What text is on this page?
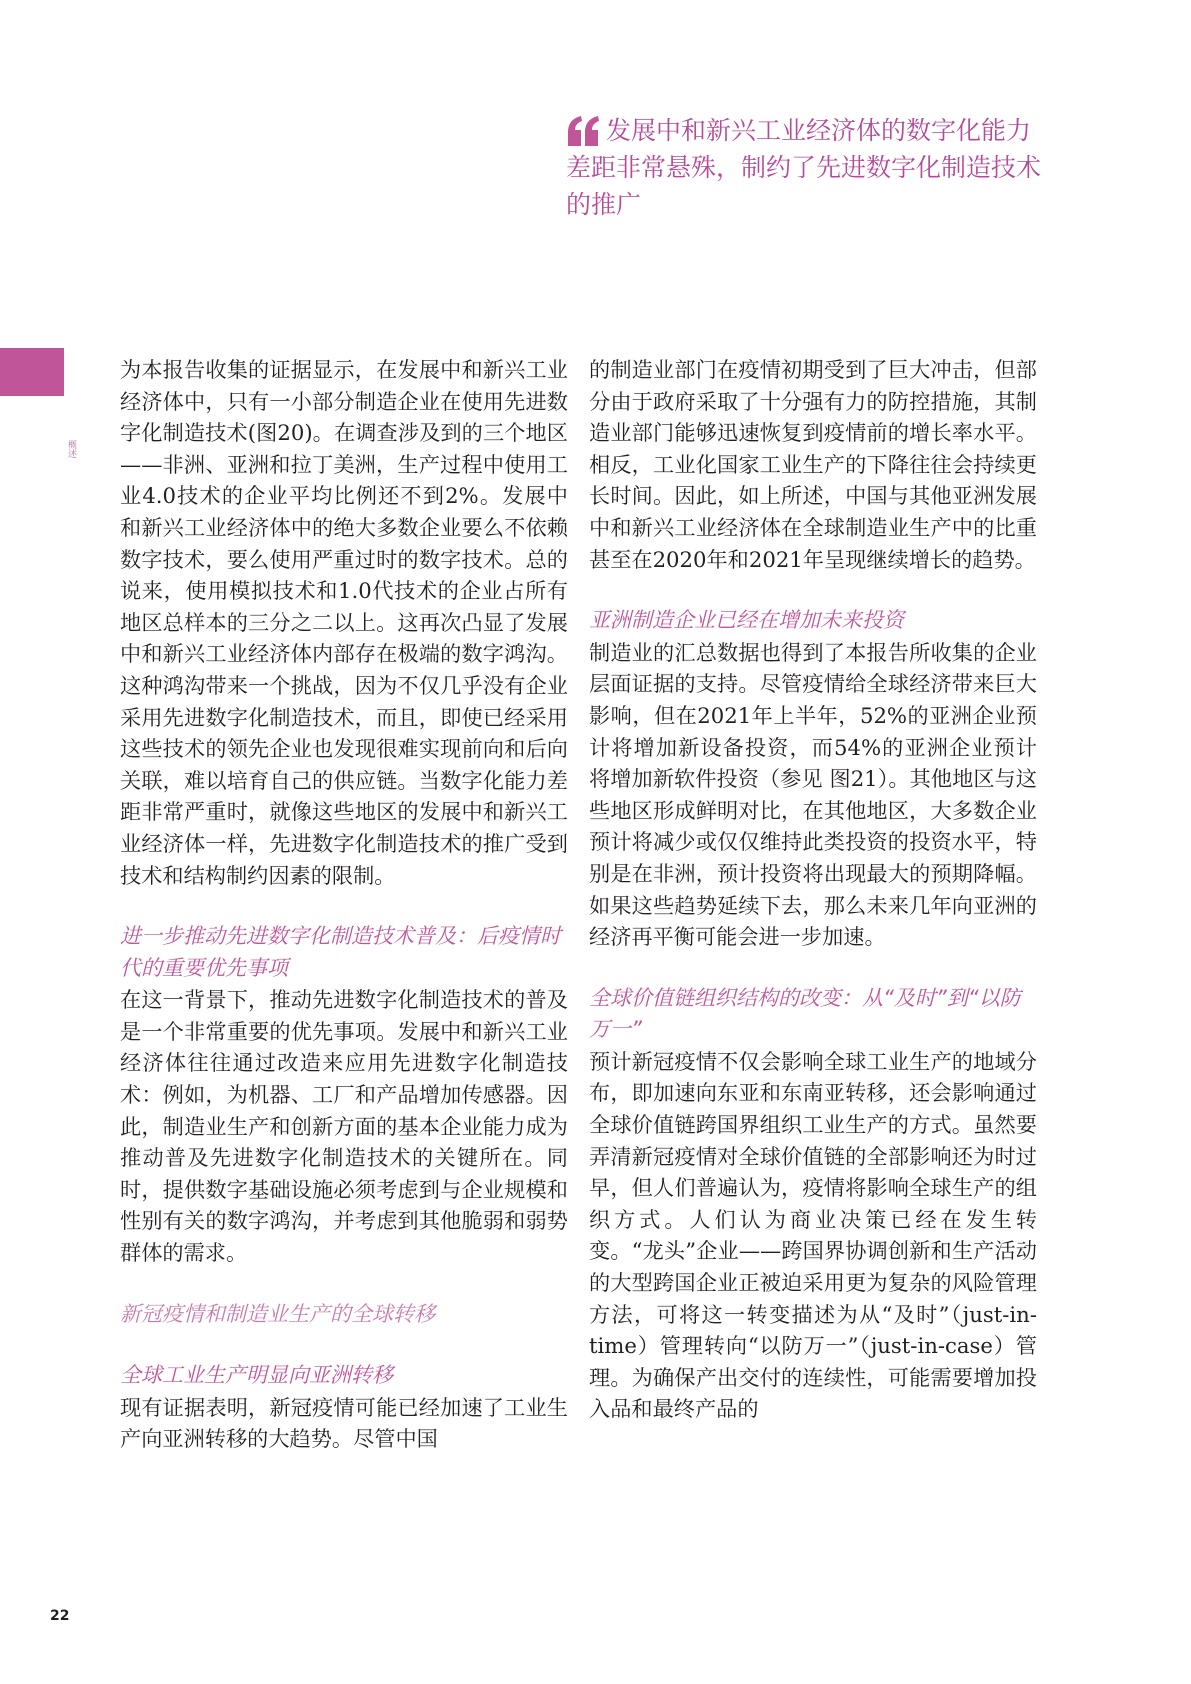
概述

发展中和新兴工业经济体的数字化能力差距非常悬殊，制约了先进数字化制造技术的推广

为本报告收集的证据显示，在发展中和新兴工业经济体中，只有一小部分制造企业在使用先进数字化制造技术(图20)。在调查涉及到的三个地区——非洲、亚洲和拉丁美洲，生产过程中使用工业4.0技术的企业平均比例还不到2%。发展中和新兴工业经济体中的绝大多数企业要么不依赖数字技术，要么使用严重过时的数字技术。总的说来，使用模拟技术和1.0代技术的企业占所有地区总样本的三分之二以上。这再次凸显了发展中和新兴工业经济体内部存在极端的数字鸿沟。这种鸿沟带来一个挑战，因为不仅几乎没有企业采用先进数字化制造技术，而且，即使已经采用这些技术的领先企业也发现很难实现前向和后向关联，难以培育自己的供应链。当数字化能力差距非常严重时，就像这些地区的发展中和新兴工业经济体一样，先进数字化制造技术的推广受到技术和结构制约因素的限制。

进一步推动先进数字化制造技术普及：后疫情时代的重要优先事项

在这一背景下，推动先进数字化制造技术的普及是一个非常重要的优先事项。发展中和新兴工业经济体往往通过改造来应用先进数字化制造技术：例如，为机器、工厂和产品增加传感器。因此，制造业生产和创新方面的基本企业能力成为推动普及先进数字化制造技术的关键所在。同时，提供数字基础设施必须考虑到与企业规模和性别有关的数字鸿沟，并考虑到其他脆弱和弱势群体的需求。

新冠疫情和制造业生产的全球转移
全球工业生产明显向亚洲转移

现有证据表明，新冠疫情可能已经加速了工业生产向亚洲转移的大趋势。尽管中国

的制造业部门在疫情初期受到了巨大冲击，但部分由于政府采取了十分强有力的防控措施，其制造业部门能够迅速恢复到疫情前的增长率水平。相反，工业化国家工业生产的下降往往会持续更长时间。因此，如上所述，中国与其他亚洲发展中和新兴工业经济体在全球制造业生产中的比重甚至在2020年和2021年呈现继续增长的趋势。

亚洲制造企业已经在增加未来投资

制造业的汇总数据也得到了本报告所收集的企业层面证据的支持。尽管疫情给全球经济带来巨大影响，但在2021年上半年，52%的亚洲企业预计将增加新设备投资，而54%的亚洲企业预计将增加新软件投资（参见 图21）。其他地区与这些地区形成鲜明对比，在其他地区，大多数企业预计将减少或仅仅维持此类投资的投资水平，特别是在非洲，预计投资将出现最大的预期降幅。如果这些趋势延续下去，那么未来几年向亚洲的经济再平衡可能会进一步加速。

全球价值链组织结构的改变：从“及时”到“以防万一”

预计新冠疫情不仅会影响全球工业生产的地域分布，即加速向东亚和东南亚转移，还会影响通过全球价值链跨国界组织工业生产的方式。虽然要弄清新冠疫情对全球价值链的全部影响还为时过早，但人们普遍认为，疫情将影响全球生产的组织方式。人们认为商业决策已经在发生转变。“龙头”企业——跨国界协调创新和生产活动的大型跨国企业正被迫采用更为复杂的风险管理方法，可将这一转变描述为从“及时”（just-in-time）管理转向“以防万一”（just-in-case）管理。为确保产出交付的连续性，可能需要增加投入品和最终产品的

22
